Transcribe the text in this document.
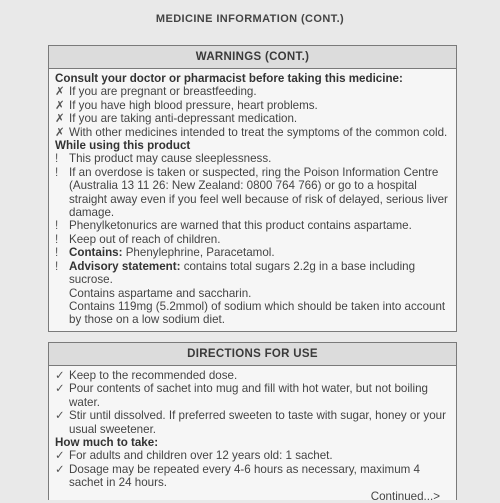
MEDICINE INFORMATION (CONT.)
WARNINGS (CONT.)
Consult your doctor or pharmacist before taking this medicine:
✗ If you are pregnant or breastfeeding.
✗ If you have high blood pressure, heart problems.
✗ If you are taking anti-depressant medication.
✗ With other medicines intended to treat the symptoms of the common cold.
While using this product
! This product may cause sleeplessness.
! If an overdose is taken or suspected, ring the Poison Information Centre (Australia 13 11 26: New Zealand: 0800 764 766) or go to a hospital straight away even if you feel well because of risk of delayed, serious liver damage.
! Phenylketonurics are warned that this product contains aspartame.
! Keep out of reach of children.
! Contains: Phenylephrine, Paracetamol.
! Advisory statement: contains total sugars 2.2g in a base including sucrose.
Contains aspartame and saccharin.
Contains 119mg (5.2mmol) of sodium which should be taken into account by those on a low sodium diet.
DIRECTIONS FOR USE
✓ Keep to the recommended dose.
✓ Pour contents of sachet into mug and fill with hot water, but not boiling water.
✓ Stir until dissolved. If preferred sweeten to taste with sugar, honey or your usual sweetener.
How much to take:
✓ For adults and children over 12 years old: 1 sachet.
✓ Dosage may be repeated every 4-6 hours as necessary, maximum 4 sachet in 24 hours.
Continued...>
